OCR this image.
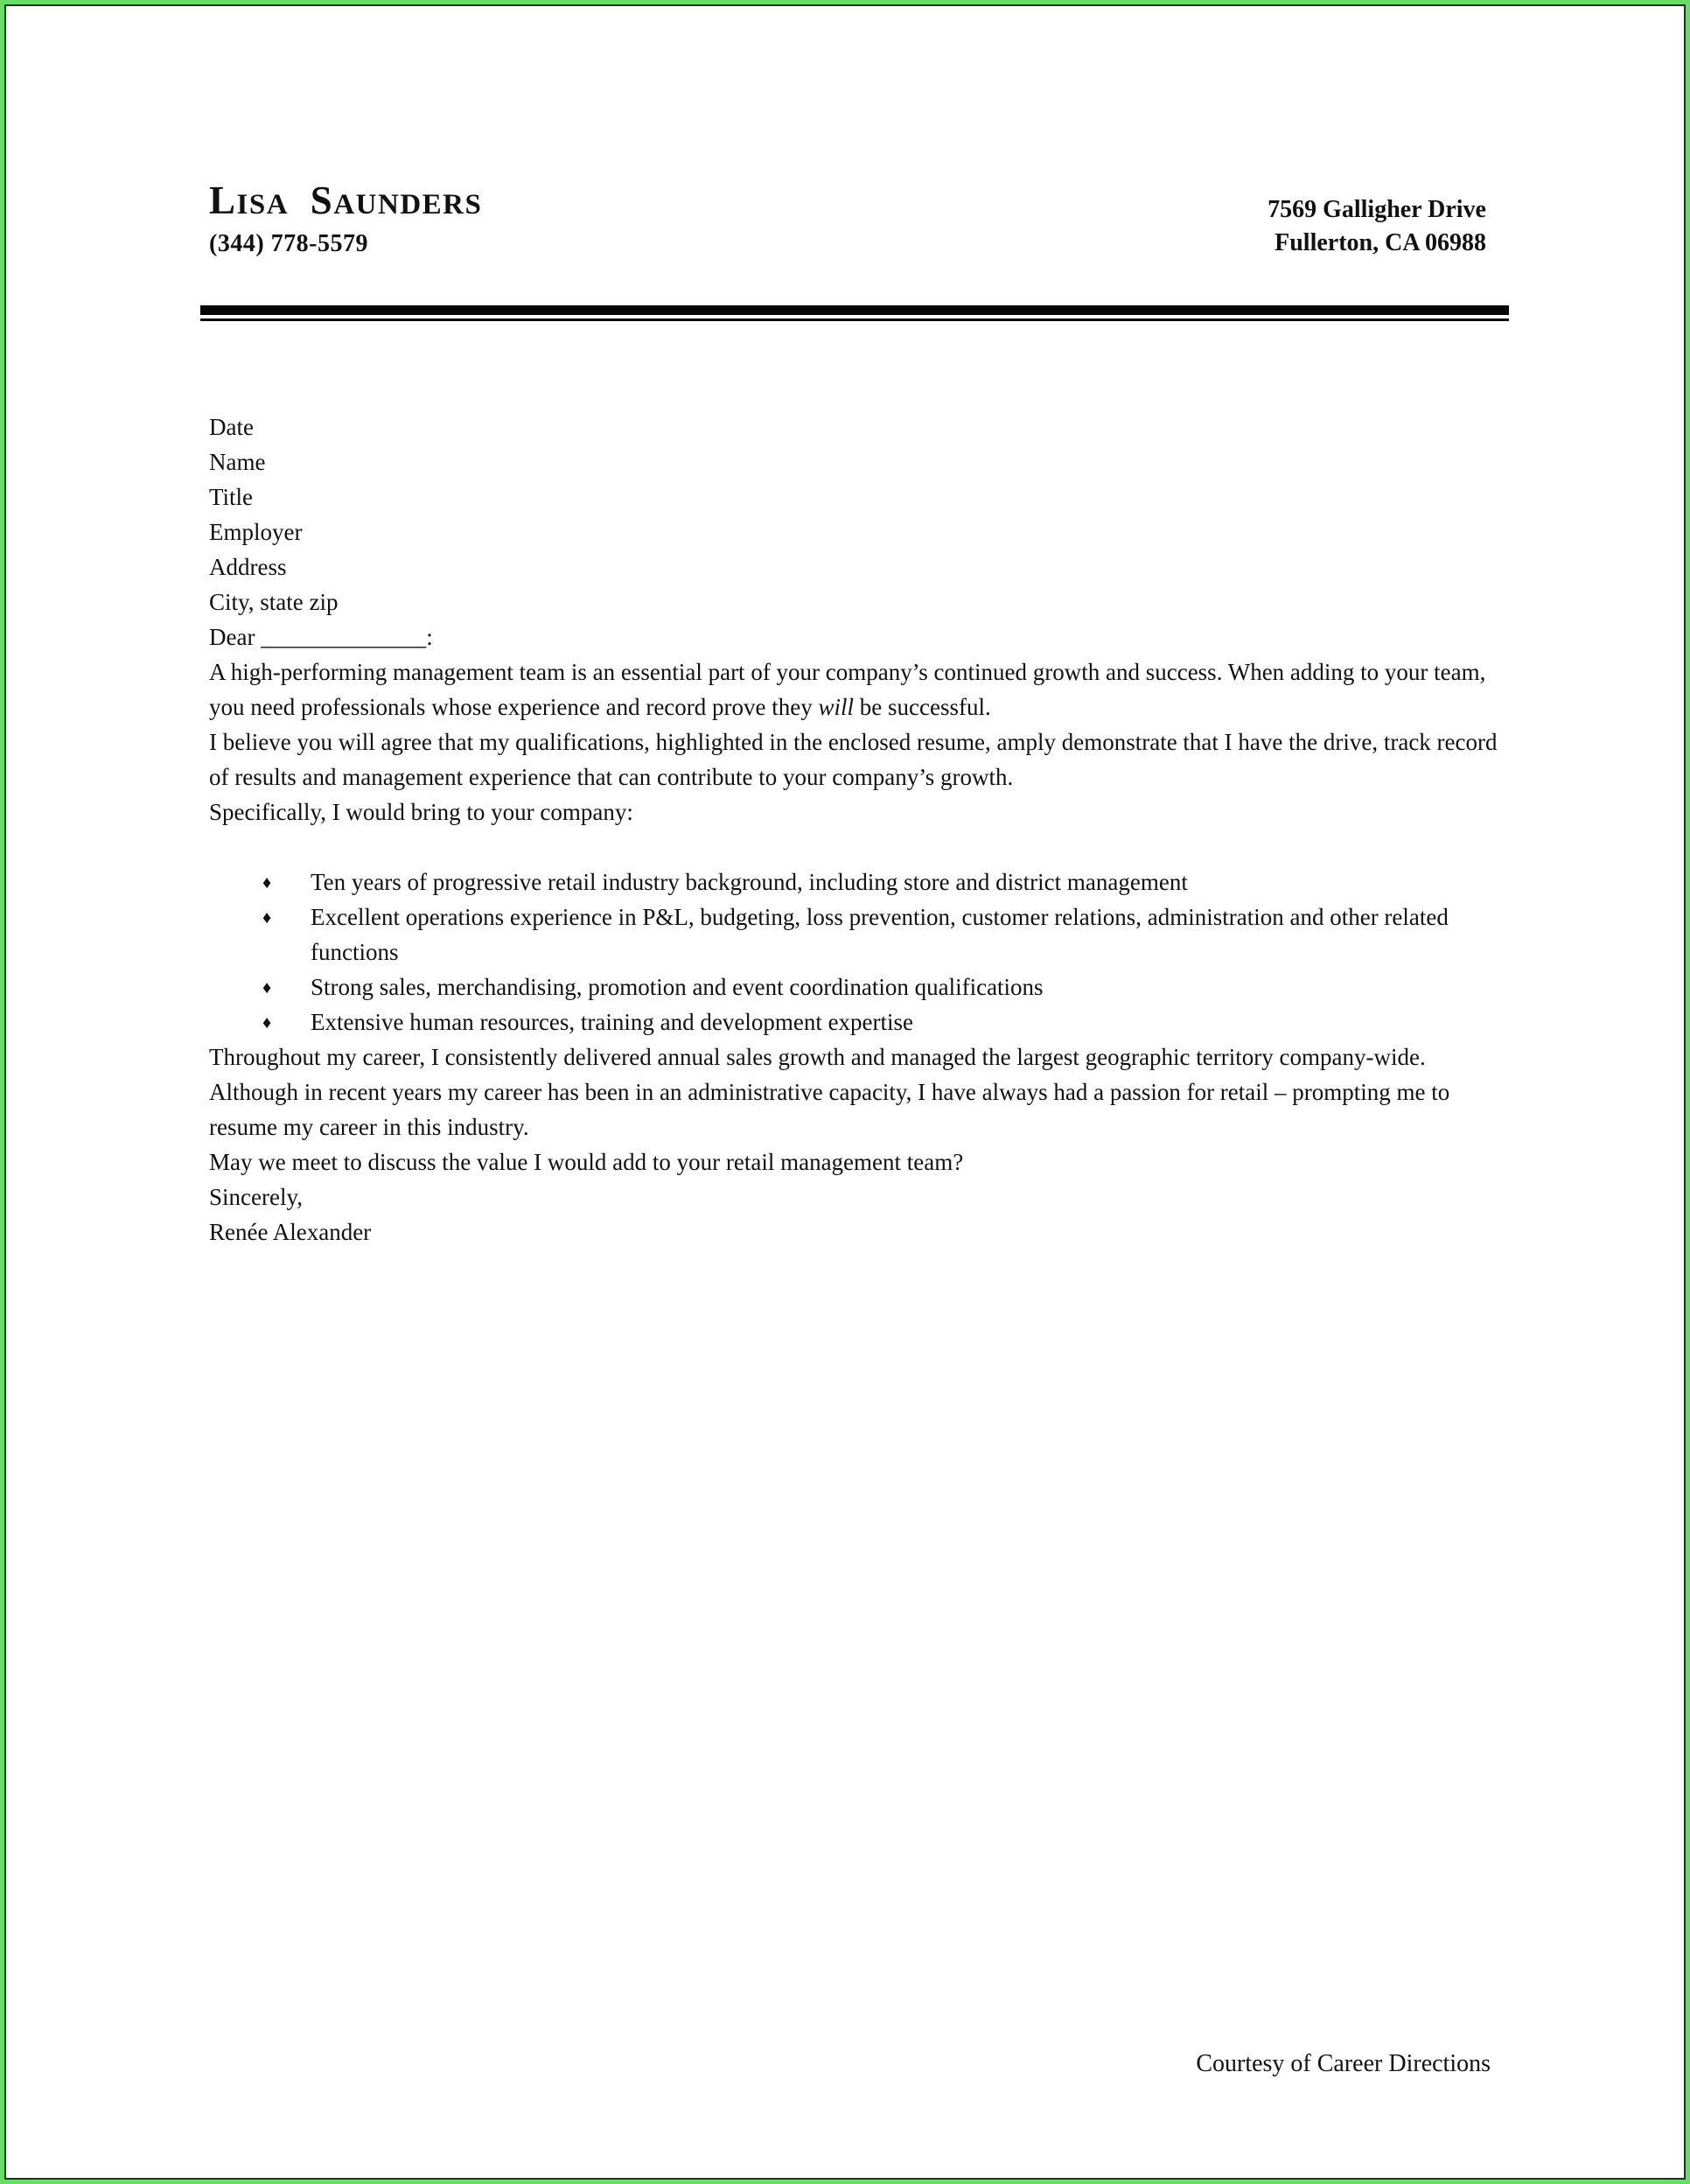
LISA SAUNDERS
(344) 778-5579
7569 Galligher Drive
Fullerton, CA 06988
Date
Name
Title
Employer
Address
City, state zip
Dear ______________:

A high-performing management team is an essential part of your company’s continued growth and success. When adding to your team, you need professionals whose experience and record prove they will be successful.

I believe you will agree that my qualifications, highlighted in the enclosed resume, amply demonstrate that I have the drive, track record of results and management experience that can contribute to your company’s growth.

Specifically, I would bring to your company:

♦ Ten years of progressive retail industry background, including store and district management
♦ Excellent operations experience in P&L, budgeting, loss prevention, customer relations, administration and other related functions
♦ Strong sales, merchandising, promotion and event coordination qualifications
♦ Extensive human resources, training and development expertise

Throughout my career, I consistently delivered annual sales growth and managed the largest geographic territory company-wide. Although in recent years my career has been in an administrative capacity, I have always had a passion for retail – prompting me to resume my career in this industry.

May we meet to discuss the value I would add to your retail management team?

Sincerely,
Renée Alexander
Courtesy of Career Directions
